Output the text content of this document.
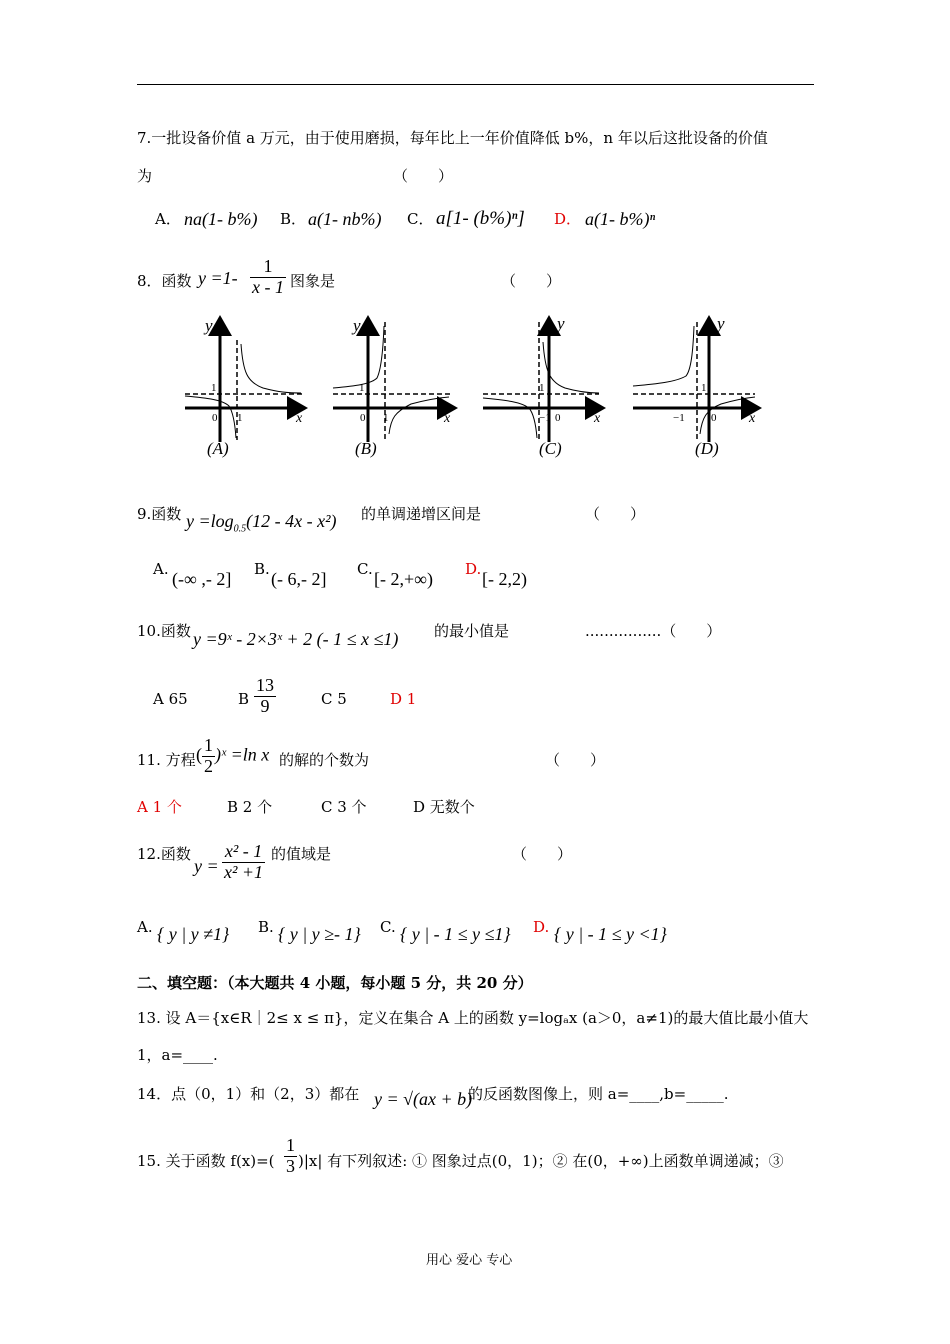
7.一批设备价值 a 万元，由于使用磨损，每年比上一年价值降低 b%，n 年以后这批设备的价值
为	（　　）
A． na(1- b%) B． a(1- nb%) C． a[1- (b%)ⁿ] D． a(1- b%)ⁿ
8．函数 $y =1- \frac{1}{x - 1}$ 图象是	（　　）
y
1
0 1	x
(A)
y
1
0 1	x
(B)
y
1
−1 0 x
(C)
y
1
−1 0 x
(D)
9.函数 $y =\log_{0.5}(12 - 4x - x^2)$ 的单调递增区间是	（　　）
A. (-∞ ,- 2] B. (- 6,- 2] C. [- 2,+∞) D. [- 2,2)
10.函数 y =9ˣ - 2×3ˣ + 2 (- 1 ≤ x ≤1) 的最小值是	................（　　）
A 65	B $\frac{13}{9}$	C 5	D 1
11. 方程 ( $\frac{1}{2}$ )ˣ =ln x 的解的个数为	（　　）
A 1 个	B 2 个	C 3 个	D 无数个
12.函数
$y = \frac{\text{x² - 1}}{\text{x² +1}}$ 的值域是	（　　）
A. { y | y ≠1} B. { y | y ≥- 1} C. { y | - 1 ≤ y ≤1} D. { y | - 1 ≤ y <1}
二、填空题：（本大题共 4 小题，每小题 5 分，共 20 分）
13. 设 A＝{x∈R｜2≤ x ≤ π}，定义在集合 A 上的函数 y=logₐx (a＞0，a≠1)的最大值比最小值大
1，a=____.
14．点（0，1）和（2，3）都在 y = √(ax + b)
的反函数图像上，则 a=____,b=_____.
15. 关于函数 $f(x)=( \frac{1}{3} )|x|$ 有下列叙述: ① 图象过点(0，1)；② 在(0，+∞)上函数单调递减；③
用心 爱心 专心
